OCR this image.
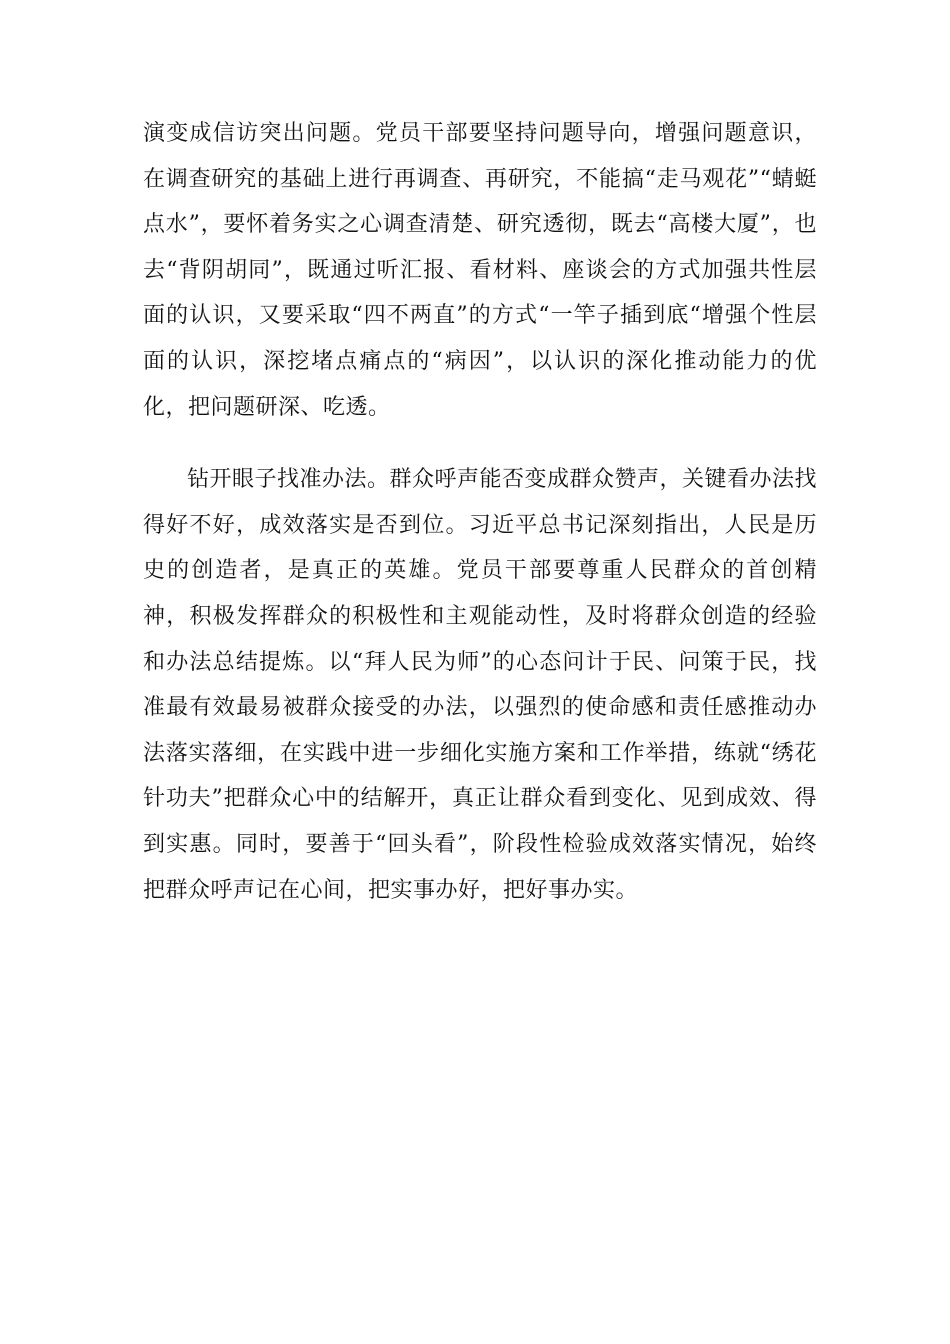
演变成信访突出问题。党员干部要坚持问题导向，增强问题意识，在调查研究的基础上进行再调查、再研究，不能搞“走马观花”“蜻蜓点水”，要怀着务实之心调查清楚、研究透彻，既去“高楼大厦”，也去“背阴胡同”，既通过听汇报、看材料、座谈会的方式加强共性层面的认识，又要采取“四不两直”的方式“一竿子插到底“增强个性层面的认识，深挖堵点痛点的“病因”，以认识的深化推动能力的优化，把问题研深、吃透。

钻开眼子找准办法。群众呼声能否变成群众赞声，关键看办法找得好不好，成效落实是否到位。习近平总书记深刻指出，人民是历史的创造者，是真正的英雄。党员干部要尊重人民群众的首创精神，积极发挥群众的积极性和主观能动性，及时将群众创造的经验和办法总结提炼。以“拜人民为师”的心态问计于民、问策于民，找准最有效最易被群众接受的办法，以强烈的使命感和责任感推动办法落实落细，在实践中进一步细化实施方案和工作举措，练就“绣花针功夫”把群众心中的结解开，真正让群众看到变化、见到成效、得到实惠。同时，要善于“回头看”，阶段性检验成效落实情况，始终把群众呼声记在心间，把实事办好，把好事办实。
